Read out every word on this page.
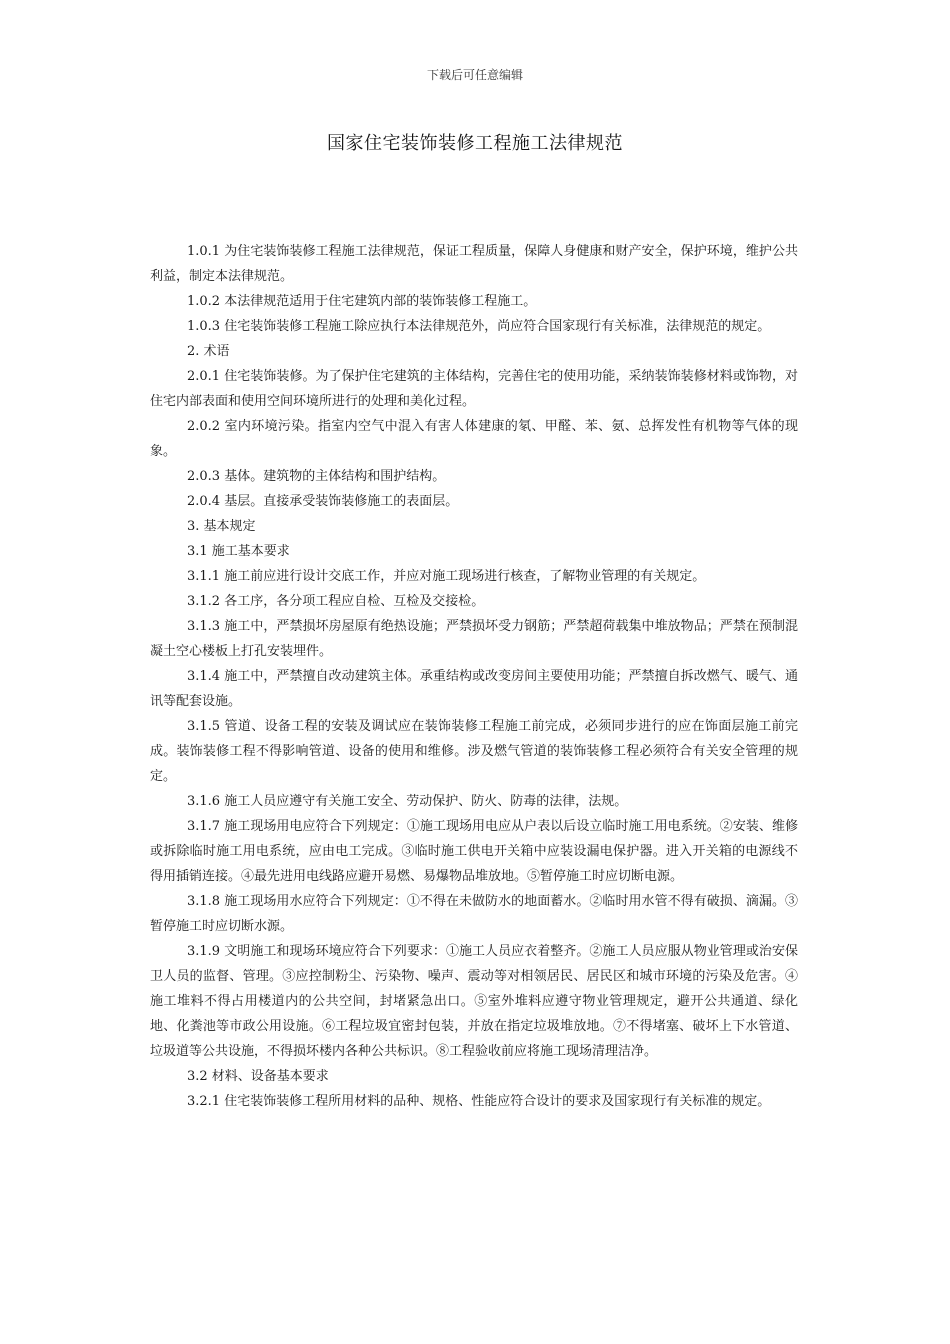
下载后可任意编辑
国家住宅装饰装修工程施工法律规范

1.0.1 为住宅装饰装修工程施工法律规范，保证工程质量，保障人身健康和财产安全，保护环境，维护公共利益，制定本法律规范。

1.0.2 本法律规范适用于住宅建筑内部的装饰装修工程施工。

1.0.3 住宅装饰装修工程施工除应执行本法律规范外，尚应符合国家现行有关标准，法律规范的规定。

2. 术语

2.0.1 住宅装饰装修。为了保护住宅建筑的主体结构，完善住宅的使用功能，采纳装饰装修材料或饰物，对住宅内部表面和使用空间环境所进行的处理和美化过程。

2.0.2 室内环境污染。指室内空气中混入有害人体建康的氡、甲醛、苯、氨、总挥发性有机物等气体的现象。

2.0.3 基体。建筑物的主体结构和围护结构。

2.0.4 基层。直接承受装饰装修施工的表面层。

3. 基本规定

3.1 施工基本要求

3.1.1 施工前应进行设计交底工作，并应对施工现场进行核查，了解物业管理的有关规定。

3.1.2 各工序，各分项工程应自检、互检及交接检。

3.1.3 施工中，严禁损坏房屋原有绝热设施；严禁损坏受力钢筋；严禁超荷载集中堆放物品；严禁在预制混凝土空心楼板上打孔安装埋件。

3.1.4 施工中，严禁擅自改动建筑主体。承重结构或改变房间主要使用功能；严禁擅自拆改燃气、暖气、通讯等配套设施。

3.1.5 管道、设备工程的安装及调试应在装饰装修工程施工前完成，必须同步进行的应在饰面层施工前完成。装饰装修工程不得影响管道、设备的使用和维修。涉及燃气管道的装饰装修工程必须符合有关安全管理的规定。

3.1.6 施工人员应遵守有关施工安全、劳动保护、防火、防毒的法律，法规。

3.1.7 施工现场用电应符合下列规定：①施工现场用电应从户表以后设立临时施工用电系统。②安装、维修或拆除临时施工用电系统，应由电工完成。③临时施工供电开关箱中应装设漏电保护器。进入开关箱的电源线不得用插销连接。④最先进用电线路应避开易燃、易爆物品堆放地。⑤暂停施工时应切断电源。

3.1.8 施工现场用水应符合下列规定：①不得在未做防水的地面蓄水。②临时用水管不得有破损、滴漏。③暂停施工时应切断水源。

3.1.9 文明施工和现场环境应符合下列要求：①施工人员应衣着整齐。②施工人员应服从物业管理或治安保卫人员的监督、管理。③应控制粉尘、污染物、噪声、震动等对相领居民、居民区和城市环境的污染及危害。④施工堆料不得占用楼道内的公共空间，封堵紧急出口。⑤室外堆料应遵守物业管理规定，避开公共通道、绿化地、化粪池等市政公用设施。⑥工程垃圾宜密封包装，并放在指定垃圾堆放地。⑦不得堵塞、破坏上下水管道、垃圾道等公共设施，不得损坏楼内各种公共标识。⑧工程验收前应将施工现场清理洁净。

3.2 材料、设备基本要求

3.2.1 住宅装饰装修工程所用材料的品种、规格、性能应符合设计的要求及国家现行有关标准的规定。
